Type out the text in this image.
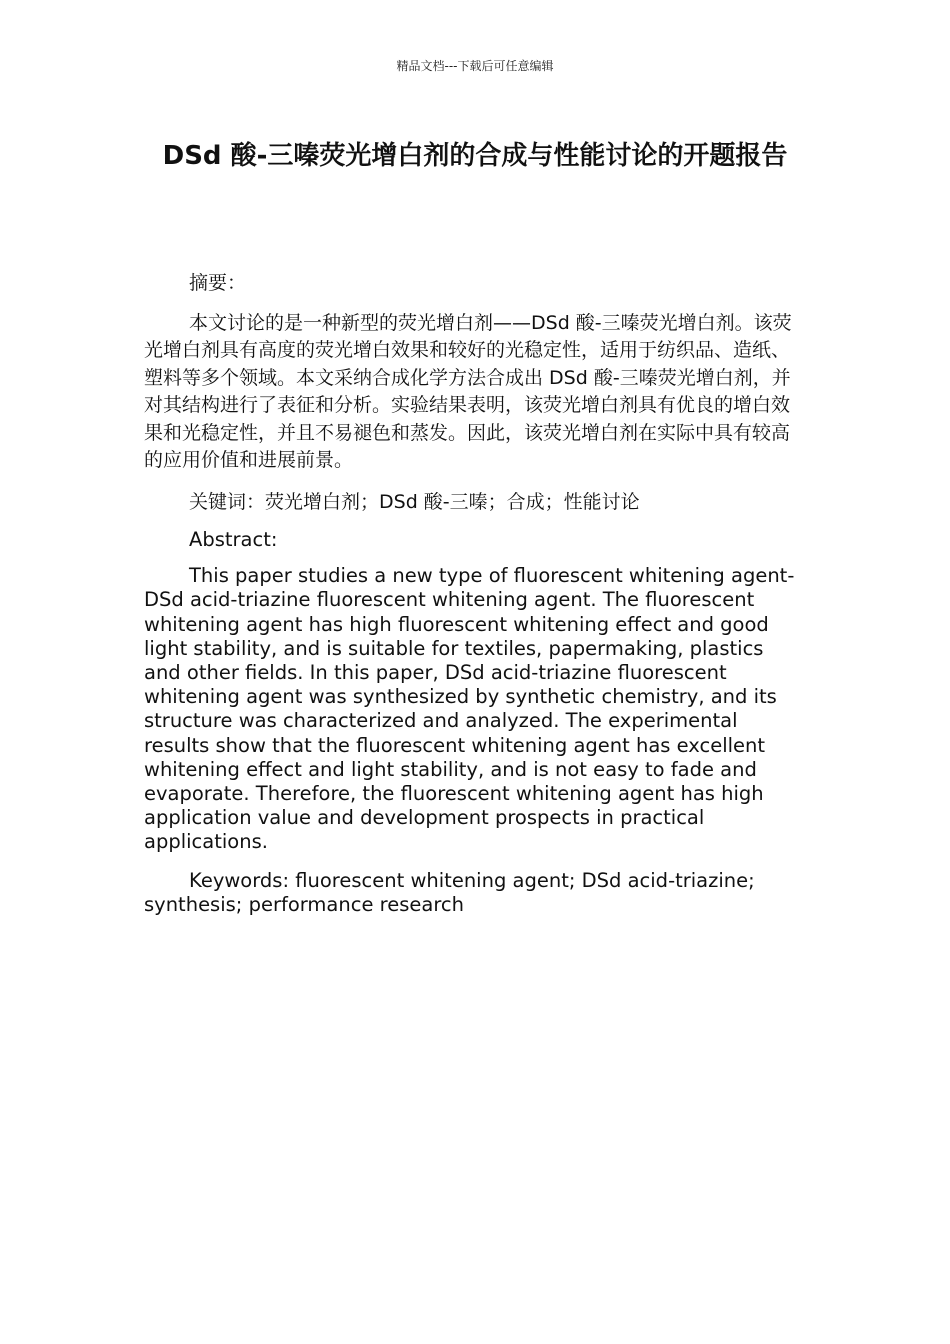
精品文档---下载后可任意编辑
DSd 酸-三嗪荧光增白剂的合成与性能讨论的开题报告

摘要：

本文讨论的是一种新型的荧光增白剂——DSd 酸-三嗪荧光增白剂。该荧光增白剂具有高度的荧光增白效果和较好的光稳定性，适用于纺织品、造纸、塑料等多个领域。本文采纳合成化学方法合成出 DSd 酸-三嗪荧光增白剂，并对其结构进行了表征和分析。实验结果表明，该荧光增白剂具有优良的增白效果和光稳定性，并且不易褪色和蒸发。因此，该荧光增白剂在实际中具有较高的应用价值和进展前景。

关键词：荧光增白剂；DSd 酸-三嗪；合成；性能讨论

Abstract:

This paper studies a new type of fluorescent whitening agent-DSd acid-triazine fluorescent whitening agent. The fluorescent whitening agent has high fluorescent whitening effect and good light stability, and is suitable for textiles, papermaking, plastics and other fields. In this paper, DSd acid-triazine fluorescent whitening agent was synthesized by synthetic chemistry, and its structure was characterized and analyzed. The experimental results show that the fluorescent whitening agent has excellent whitening effect and light stability, and is not easy to fade and evaporate. Therefore, the fluorescent whitening agent has high application value and development prospects in practical applications.

Keywords: fluorescent whitening agent; DSd acid-triazine; synthesis; performance research
